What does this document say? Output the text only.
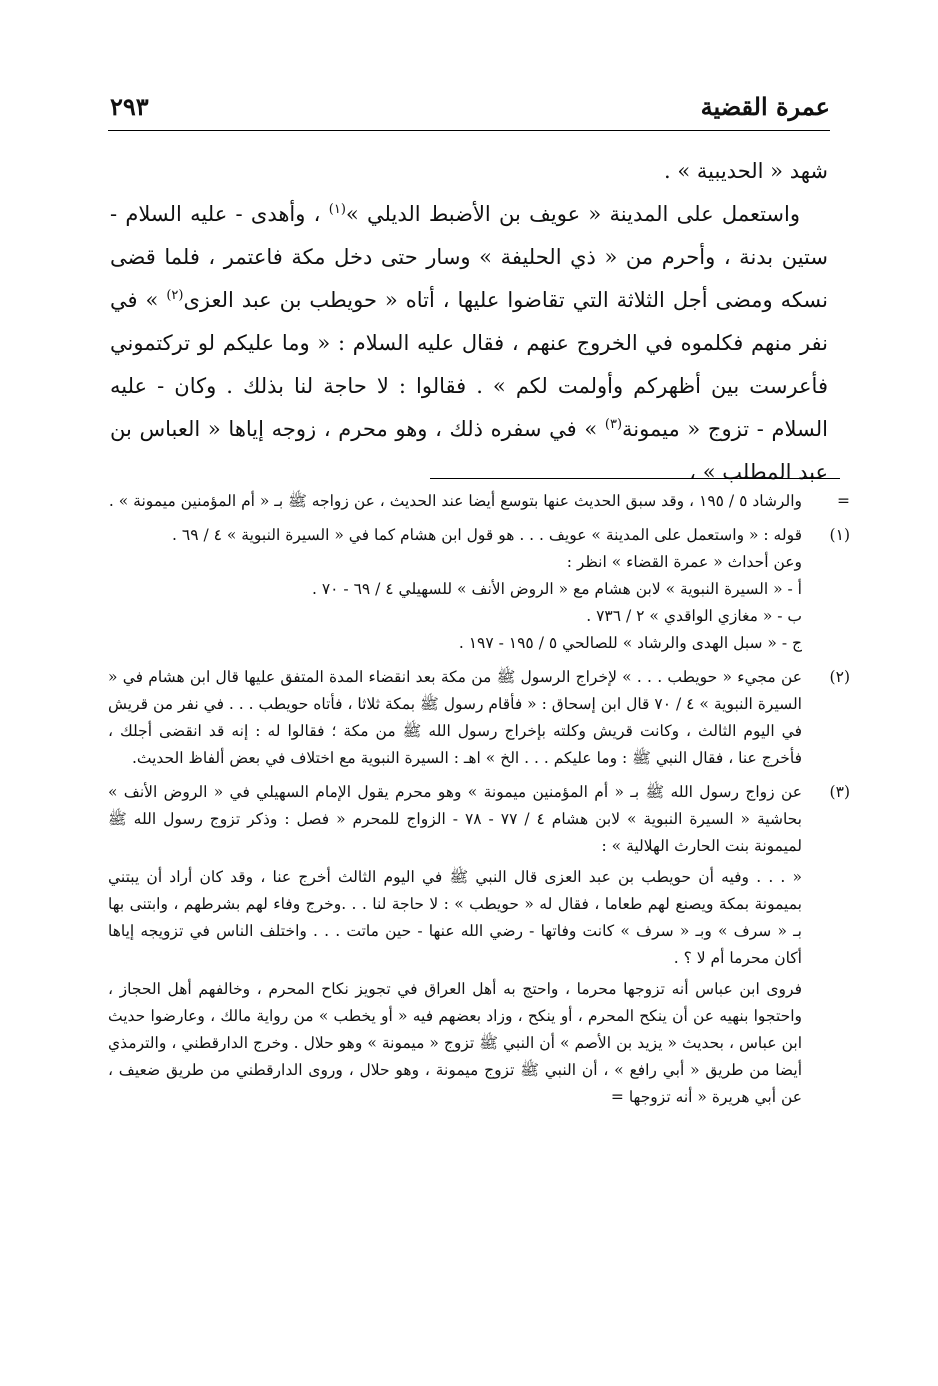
عمرة القضية
٢٩٣

شهد « الحديبية » .

واستعمل على المدينة « عويف بن الأضبط الديلي »$^{(١)}$ ، وأهدى - عليه السلام - ستين بدنة ، وأحرم من « ذي الحليفة » وسار حتى دخل مكة فاعتمر ، فلما قضى نسكه ومضى أجل الثلاثة التي تقاضوا عليها ، أتاه « حويطب بن عبد العزى$^{(٢)}$ » في نفر منهم فكلموه في الخروج عنهم ، فقال عليه السلام : « وما عليكم لو تركتموني فأعرست بين أظهركم وأولمت لكم » . فقالوا : لا حاجة لنا بذلك . وكان - عليه السلام - تزوج « ميمونة$^{(٣)}$ » في سفره ذلك ، وهو محرم ، زوجه إياها « العباس بن عبد المطلب » ،

=

والرشاد ٥ / ١٩٥ ، وقد سبق الحديث عنها بتوسع أيضا عند الحديث ، عن زواجه ﷺ بـ « أم المؤمنين ميمونة » .

(١)

قوله : « واستعمل على المدينة » عويف . . . هو قول ابن هشام كما في « السيرة النبوية » ٤ / ٦٩ .

وعن أحداث « عمرة القضاء » انظر :

أ - « السيرة النبوية » لابن هشام مع « الروض الأنف » للسهيلي ٤ / ٦٩ - ٧٠ .

ب - « مغازي الواقدي » ٢ / ٧٣٦ .

ج - « سبل الهدى والرشاد » للصالحي ٥ / ١٩٥ - ١٩٧ .

(٢)

عن مجيء « حويطب . . . » لإخراج الرسول ﷺ من مكة بعد انقضاء المدة المتفق عليها قال ابن هشام في « السيرة النبوية » ٤ / ٧٠ قال ابن إسحاق : « فأقام رسول ﷺ بمكة ثلاثا ، فأتاه حويطب . . . في نفر من قريش في اليوم الثالث ، وكانت قريش وكلته بإخراج رسول الله ﷺ من مكة ؛ فقالوا له : إنه قد انقضى أجلك ، فأخرج عنا ، فقال النبي ﷺ : وما عليكم . . . الخ » اهـ : السيرة النبوية مع اختلاف في بعض ألفاظ الحديث.

(٣)

عن زواج رسول الله ﷺ بـ « أم المؤمنين ميمونة » وهو محرم يقول الإمام السهيلي في « الروض الأنف » بحاشية « السيرة النبوية » لابن هشام ٤ / ٧٧ - ٧٨ - الزواج للمحرم « فصل : وذكر تزوج رسول الله ﷺ لميمونة بنت الحارث الهلالية » :

« . . . وفيه أن حويطب بن عبد العزى قال النبي ﷺ في اليوم الثالث أخرج عنا ، وقد كان أراد أن يبتني بميمونة بمكة ويصنع لهم طعاما ، فقال له « حويطب » : لا حاجة لنا . . .وخرج وفاء لهم بشرطهم ، وابتنى بها بـ « سرف » وبـ « سرف » كانت وفاتها - رضي الله عنها - حين ماتت . . . واختلف الناس في تزويجه إياها أكان محرما أم لا ؟ .

فروى ابن عباس أنه تزوجها محرما ، واحتج به أهل العراق في تجويز نكاح المحرم ، وخالفهم أهل الحجاز ، واحتجوا بنهيه عن أن ينكح المحرم ، أو ينكح ، وزاد بعضهم فيه « أو يخطب » من رواية مالك ، وعارضوا حديث ابن عباس ، بحديث « يزيد بن الأصم » أن النبي ﷺ تزوج « ميمونة » وهو حلال . وخرج الدارقطني ، والترمذي أيضا من طريق « أبي رافع » ، أن النبي ﷺ تزوج ميمونة ، وهو حلال ، وروى الدارقطني من طريق ضعيف ، عن أبي هريرة « أنه تزوجها =
